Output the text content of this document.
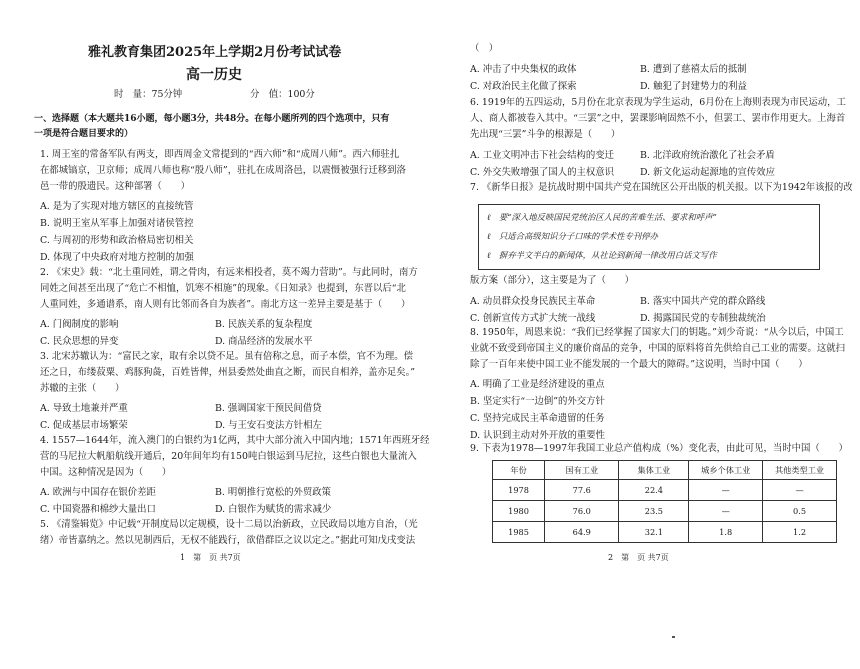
雅礼教育集团2025年上学期2月份考试试卷
高一历史
时　量：75分钟	分　值：100分
一、选择题（本大题共16小题，每小题3分，共48分。在每小题所列的四个选项中，只有
一项是符合题目要求的）
1. 周王室的常备军队有两支，即西周金文常提到的“西六师”和“成周八师”。西六师驻扎
在都城镐京，卫京师；成周八师也称“殷八师”，驻扎在成周洛邑，以震慑被强行迁移到洛
邑一带的殷遗民。这种部署（　　）
A. 是为了实现对地方辖区的直接统管
B. 说明王室从军事上加强对诸侯管控
C. 与周初的形势和政治格局密切相关
D. 体现了中央政府对地方控制的加强
2. 《宋史》载：“北土重同姓，谓之骨肉，有远来相投者，莫不竭力营助”。与此同时，南方
同姓之间甚至出现了“危亡不相恤，饥寒不相施”的现象。《日知录》也提到，东晋以后“北
人重同姓，多通谱系，南人则有比邻而各自为族者”。南北方这一差异主要是基于（　　）
A. 门阀制度的影响	B. 民族关系的复杂程度
C. 民众思想的异变	D. 商品经济的发展水平
3. 北宋苏辙认为：“富民之家，取有余以贷不足。虽有倍称之息，而子本偿，官不为理。偿
还之日，布缕菽粟、鸡豚狗彘，百姓皆俾，州县委然处曲直之断，而民自相养，盖亦足矣。”
苏辙的主张（　　）
A. 导致土地兼并严重	B. 强调国家干预民间借贷
C. 促成基层市场繁荣	D. 与王安石变法方针相左
4. 1557—1644年，流入澳门的白银约为1亿两，其中大部分流入中国内地；1571年西班牙经
营的马尼拉大帆船航线开通后，20年间年均有150吨白银运到马尼拉，这些白银也大量流入
中国。这种情况是因为（　　）
A. 欧洲与中国存在银价差距	B. 明朝推行宽松的外贸政策
C. 中国瓷器和棉纱大量出口	D. 白银作为赋货的需求减少
5. 《清鉴辑览》中记载“开制度局以定规模，设十二局以治新政，立民政局以地方自治，（光
绪）帝皆嘉纳之。然以见制西后，无权不能践行，欲借群臣之议以定之。”据此可知戊戌变法
1　第　页 共7页
（　）
A. 冲击了中央集权的政体	B. 遭到了慈禧太后的抵制
C. 对政治民主化做了探索	D. 触犯了封建势力的利益
6. 1919年的五四运动，5月份在北京表现为学生运动，6月份在上海则表现为市民运动，工
人、商人都被卷入其中。“三罢”之中，罢课影响固然不小，但罢工、罢市作用更大。上海首
先出现“三罢”斗争的根源是（　　）
A. 工业文明冲击下社会结构的变迁	B. 北洋政府统治激化了社会矛盾
C. 外交失败增强了国人的主权意识	D. 新文化运动起源地的宣传效应
7. 《新华日报》是抗战时期中国共产党在国统区公开出版的机关报。以下为1942年该报的改
ℓ　要“深入地反映国民党统治区人民的苦难生活、要求和呼声”
ℓ　只适合高级知识分子口味的学术性专刊停办
ℓ　摒弃半文半白的新闻体，从社论到新闻一律改用白话文写作
版方案（部分），这主要是为了（　　）
A. 动员群众投身民族民主革命	B. 落实中国共产党的群众路线
C. 创新宣传方式扩大统一战线	D. 揭露国民党的专制独裁统治
8. 1950年，周恩来说：“我们已经掌握了国家大门的钥匙。”刘少奇说：“从今以后，中国工
业就不致受到帝国主义的廉价商品的竞争，中国的原料将首先供给自己工业的需要。这就扫
除了一百年来使中国工业不能发展的一个最大的障碍。”这说明，当时中国（　　）
A. 明确了工业是经济建设的重点
B. 坚定实行“一边倒”的外交方针
C. 坚持完成民主革命遗留的任务
D. 认识到主动对外开放的重要性
9. 下表为1978—1997年我国工业总产值构成（%）变化表，由此可见，当时中国（　　）
年份	国有工业	集体工业	城乡个体工业	其他类型工业
1978	77.6	22.4	—	—
1980	76.0	23.5	—	0.5
1985	64.9	32.1	1.8	1.2
2　第　页 共7页
